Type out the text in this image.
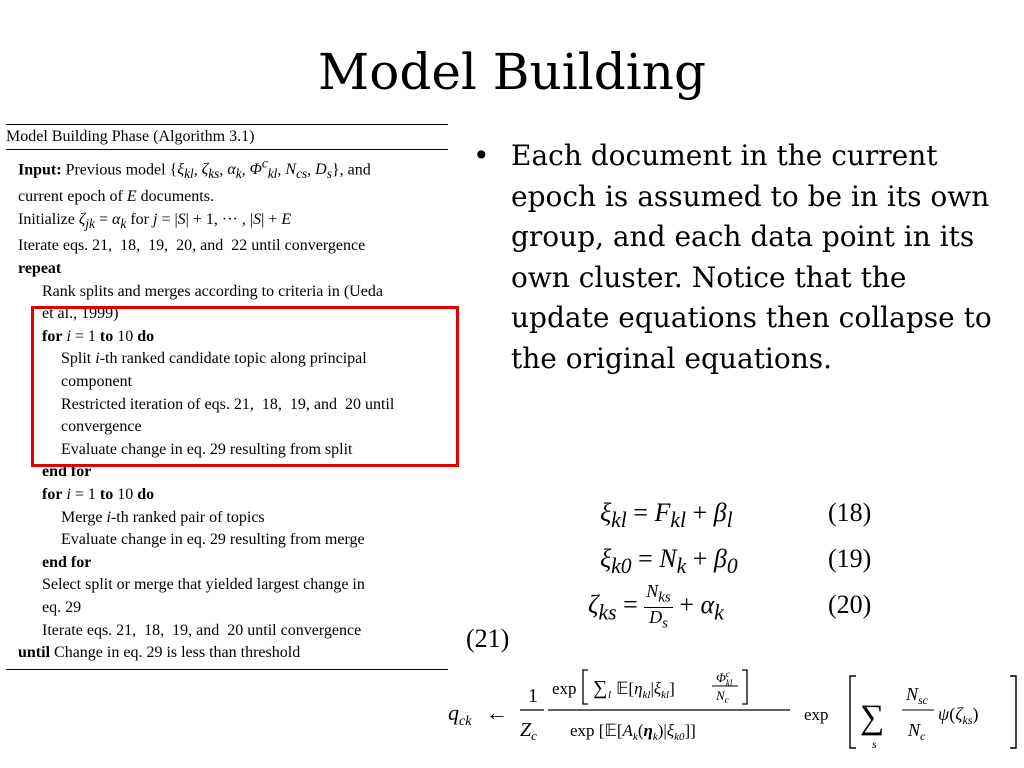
Model Building
Model Building Phase (Algorithm 3.1)
Input: Previous model {$\xi_{kl}$, $\zeta_{ks}$, $\alpha_k$, $\Phi^c_{kl}$, $N_{cs}$, $D_s$}, and
current epoch of E documents.
Initialize $\zeta_{jk} = \alpha_k$ for j = |S| + 1, ··· , |S| + E
Iterate eqs. 21,  18,  19,  20, and  22 until convergence
repeat
Rank splits and merges according to criteria in (Ueda
et al., 1999)
for i = 1 to 10 do
Split i-th ranked candidate topic along principal
component
Restricted iteration of eqs. 21,  18,  19, and  20 until
convergence
Evaluate change in eq. 29 resulting from split
end for
for i = 1 to 10 do
Merge i-th ranked pair of topics
Evaluate change in eq. 29 resulting from merge
end for
Select split or merge that yielded largest change in
eq. 29
Iterate eqs. 21,  18,  19, and  20 until convergence
until Change in eq. 29 is less than threshold
• Each document in the current epoch is assumed to be in its own group, and each data point in its own cluster. Notice that the update equations then collapse to the original equations.
$\xi_{kl} = F_{kl} + \beta_l$	(18)
$\xi_{k0} = N_k + \beta_0$	(19)
$\zeta_{ks} = \frac{N_{ks}}{D_s} + \alpha_k$	(20)
(21)
$q_{ck}$ ←
1
$Z_c$
exp ∑ l $𝔼[\eta_{kl}|\xi_{kl}]$
$\Phi^c$ kl
$N_c$
$\exp [𝔼[A_k(\eta_k)|\xi_{k0}]]$
exp ∑
s
$N_{sc}$
$N_c$
$\psi(\zeta_{ks})$
